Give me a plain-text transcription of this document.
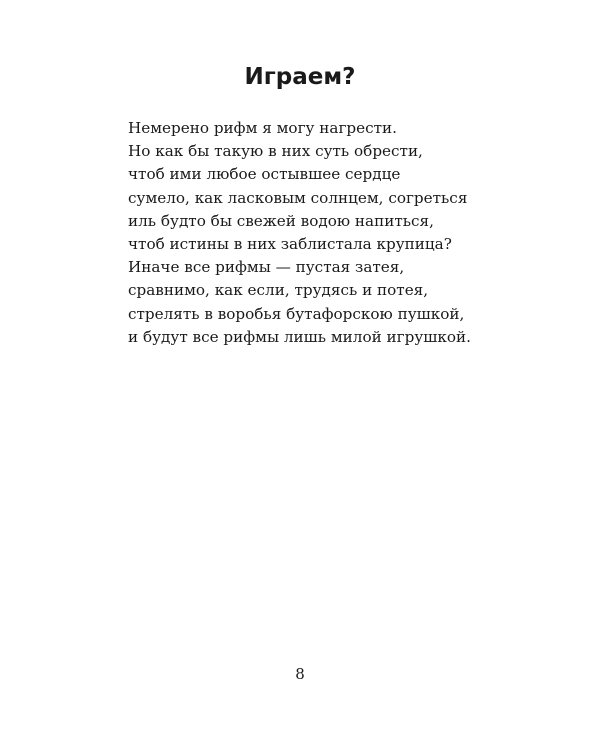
Играем?
Немерено рифм я могу нагрести.
Но как бы такую в них суть обрести,
чтоб ими любое остывшее сердце
сумело, как ласковым солнцем, согреться
иль будто бы свежей водою напиться,
чтоб истины в них заблистала крупица?
Иначе все рифмы — пустая затея,
сравнимо, как если, трудясь и потея,
стрелять в воробья бутафорскою пушкой,
и будут все рифмы лишь милой игрушкой.
8
